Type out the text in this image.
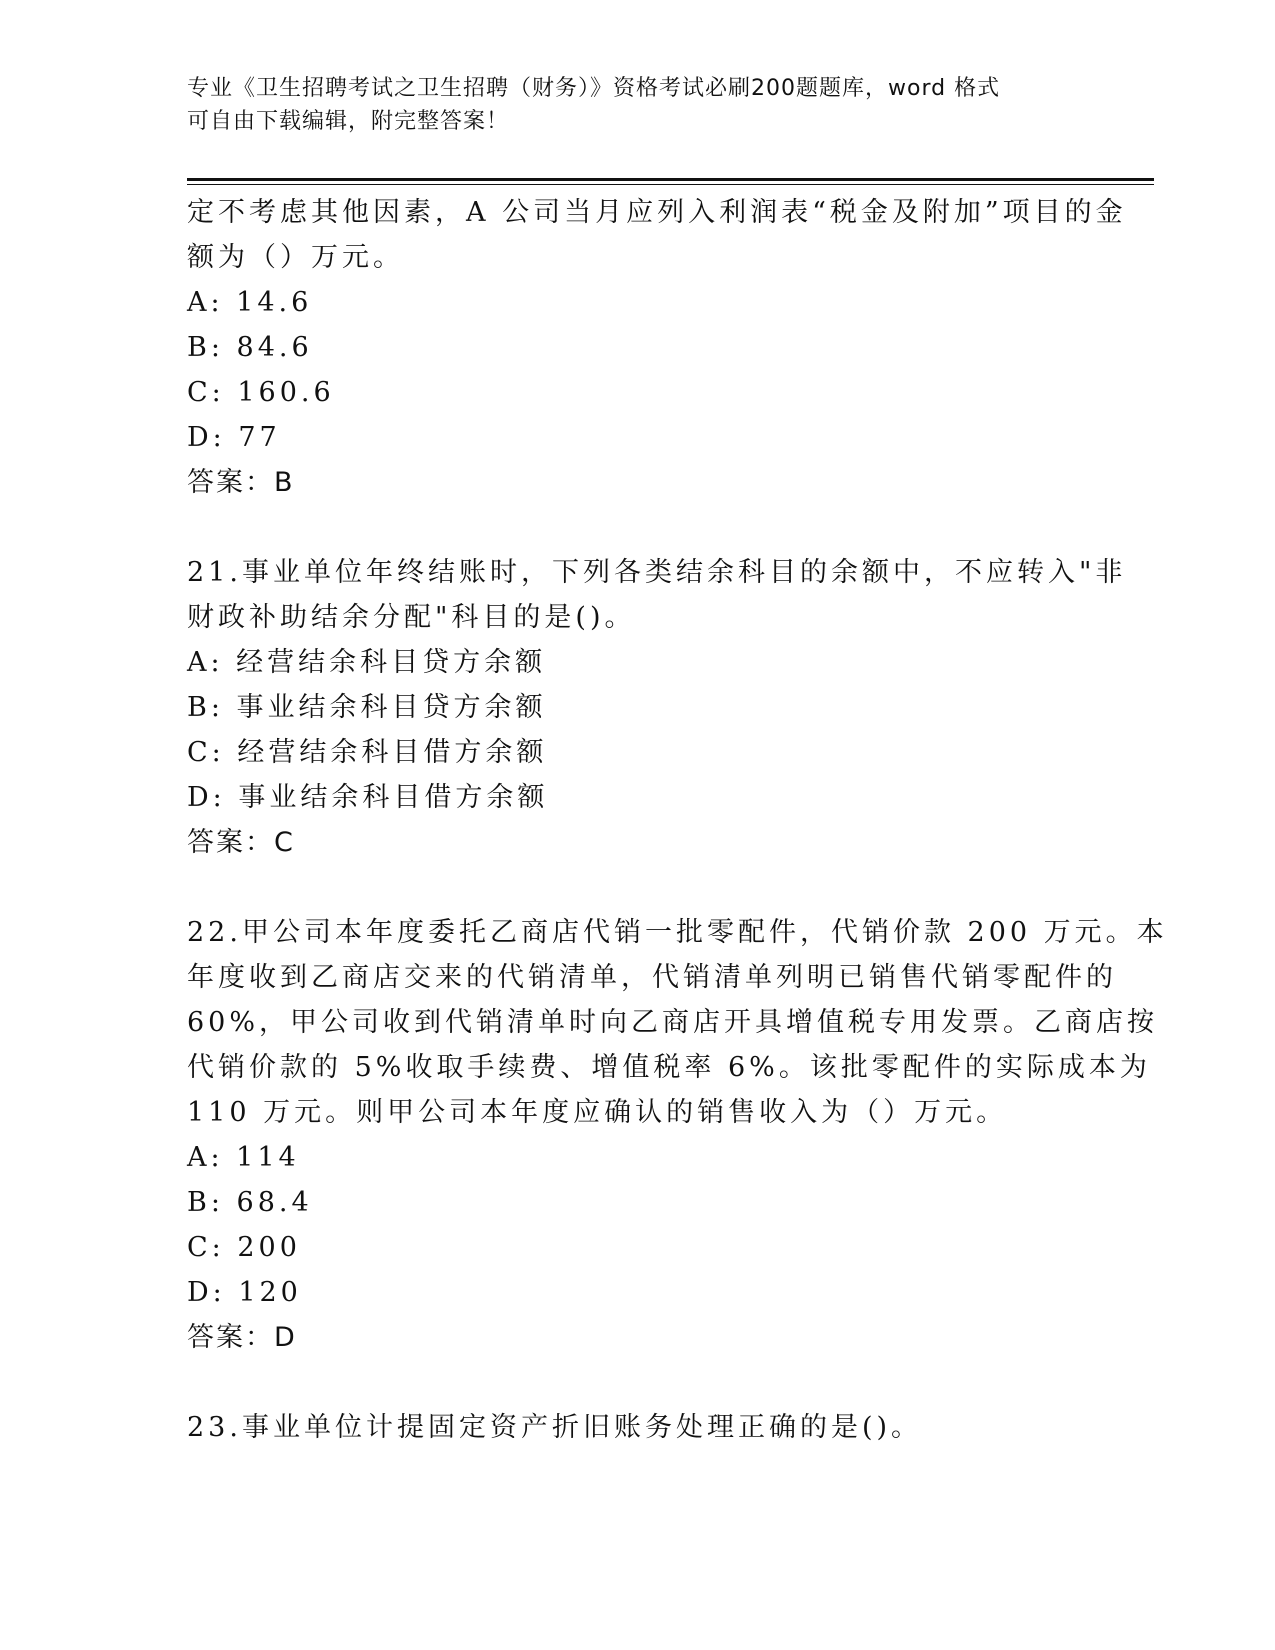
专业《卫生招聘考试之卫生招聘（财务）》资格考试必刷200题题库，word 格式
可自由下载编辑，附完整答案！
定不考虑其他因素，A 公司当月应列入利润表“税金及附加”项目的金
额为（）万元。
A: 14.6
B: 84.6
C: 160.6
D: 77
答案：B
21.事业单位年终结账时，下列各类结余科目的余额中，不应转入"非
财政补助结余分配"科目的是()。
A: 经营结余科目贷方余额
B: 事业结余科目贷方余额
C: 经营结余科目借方余额
D: 事业结余科目借方余额
答案：C
22.甲公司本年度委托乙商店代销一批零配件，代销价款 200 万元。本
年度收到乙商店交来的代销清单，代销清单列明已销售代销零配件的
60%，甲公司收到代销清单时向乙商店开具增值税专用发票。乙商店按
代销价款的 5%收取手续费、增值税率 6%。该批零配件的实际成本为
110 万元。则甲公司本年度应确认的销售收入为（）万元。
A: 114
B: 68.4
C: 200
D: 120
答案：D
23.事业单位计提固定资产折旧账务处理正确的是()。
